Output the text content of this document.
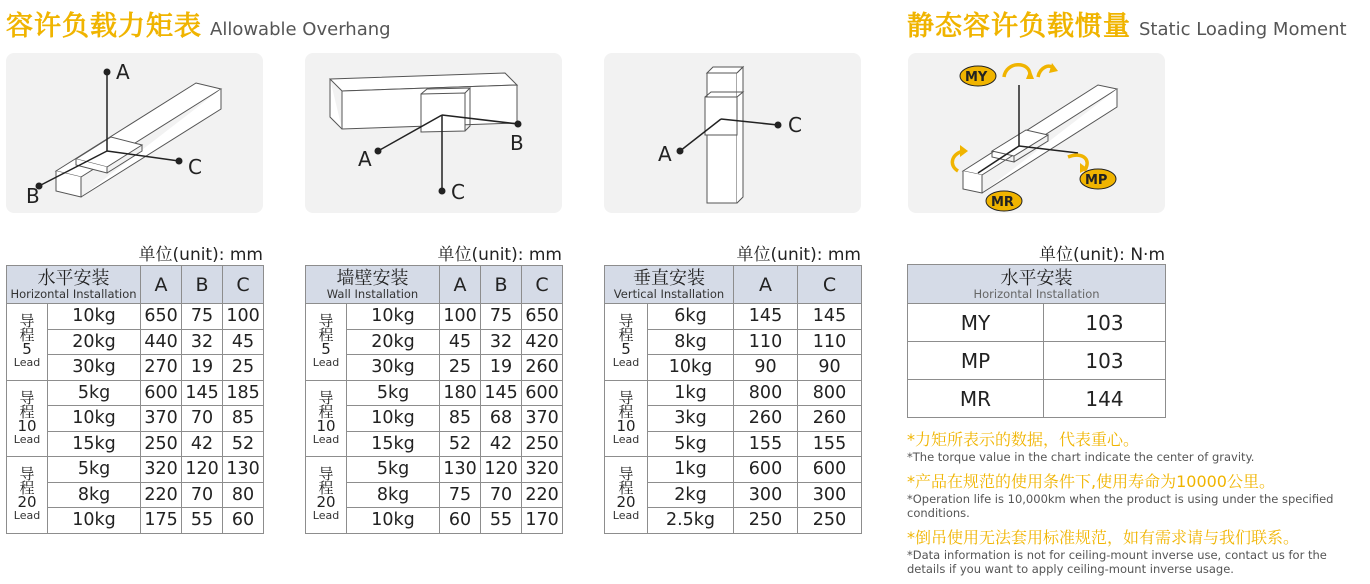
容许负载力矩表 Allowable Overhang	静态容许负载惯量 Static Loading Moment
A
C
B	C
B
A
C
A
MY
MP
MR
单位(unit): mm	单位(unit): mm	单位(unit): mm	单位(unit): N·m
水平安装
Horizontal Installation		A	B	C

导
程
5
Lead	10kg	650	75	100
	20kg	440	32	45
	30kg	270	19	25

导
程
10
Lead	5kg	600	145	185
	10kg	370	70	85
	15kg	250	42	52

导
程
20
Lead	5kg	320	120	130
	8kg	220	70	80
	10kg	175	55	60
墙壁安装
Wall Installation		A	B	C

导
程
5
Lead	10kg	100	75	650
	20kg	45	32	420
	30kg	25	19	260

导
程
10
Lead	5kg	180	145	600
	10kg	85	68	370
	15kg	52	42	250

导
程
20
Lead	5kg	130	120	320
	8kg	75	70	220
	10kg	60	55	170
垂直安装
Vertical Installation		A	C

导
程
5
Lead	6kg	145	145
	8kg	110	110
	10kg	90	90

导
程
10
Lead	1kg	800	800
	3kg	260	260
	5kg	155	155

导
程
20
Lead	1kg	600	600
	2kg	300	300
	2.5kg	250	250
水平安装
Horizontal Installation	

MY	103
MP	103
MR	144
*力矩所表示的数据，代表重心。
*The torque value in the chart indicate the center of gravity.
*产品在规范的使用条件下,使用寿命为10000公里。
*Operation life is 10,000km when the product is using under the specified conditions.
*倒吊使用无法套用标准规范，如有需求请与我们联系。
*Data information is not for ceiling-mount inverse use, contact us for the details if you want to apply ceiling-mount inverse usage.
